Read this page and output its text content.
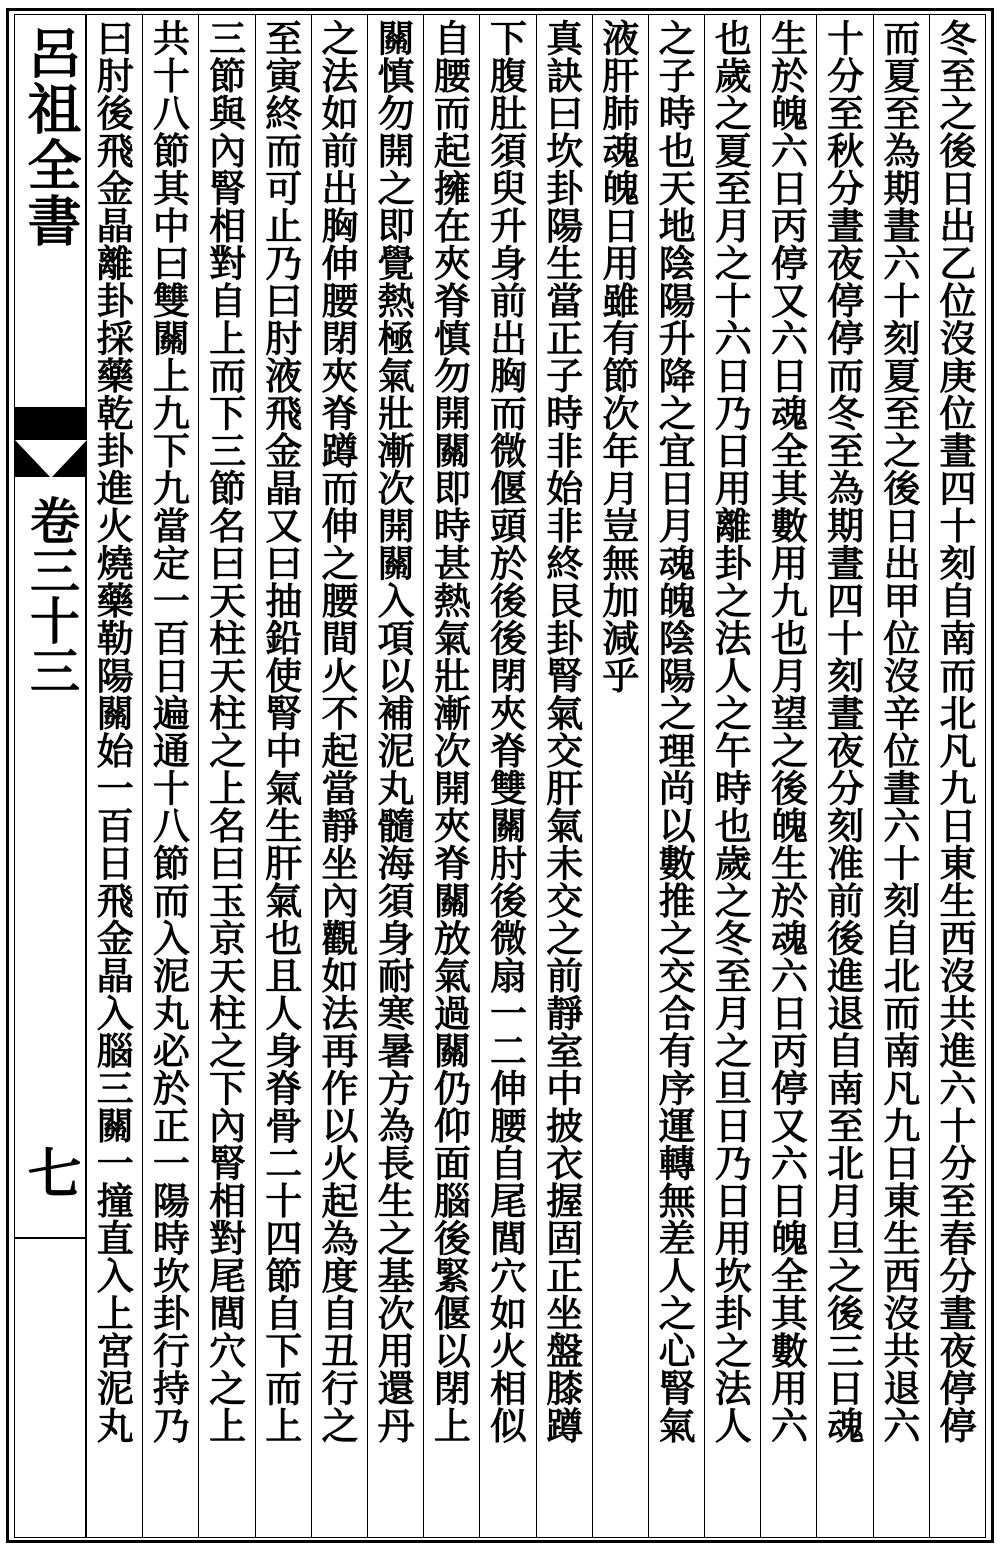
呂祖全書
卷三十三
七	冬至之後日出乙位沒庚位晝四十刻自南而北凡九日東生西沒共進六十分至春分晝夜停停
而夏至為期晝六十刻夏至之後日出甲位沒辛位晝六十刻自北而南凡九日東生西沒共退六
十分至秋分晝夜停停而冬至為期晝四十刻晝夜分刻准前後進退自南至北月旦之後三日魂
生於魄六日丙停又六日魂全其數用九也月望之後魄生於魂六日丙停又六日魄全其數用六
也歲之夏至月之十六日乃日用離卦之法人之午時也歲之冬至月之旦日乃日用坎卦之法人
之子時也天地陰陽升降之宜日月魂魄陰陽之理尚以數推之交合有序運轉無差人之心腎氣
液肝肺魂魄日用雖有節次年月豈無加減乎
真訣曰坎卦陽生當正子時非始非終艮卦腎氣交肝氣未交之前靜室中披衣握固正坐盤膝蹲
下腹肚須臾升身前出胸而微偃頭於後後閉夾脊雙關肘後微扇一二伸腰自尾閭穴如火相似
自腰而起擁在夾脊慎勿開關即時甚熱氣壯漸次開夾脊關放氣過關仍仰面腦後緊偃以閉上
關慎勿開之即覺熱極氣壯漸次開關入項以補泥丸髓海須身耐寒暑方為長生之基次用還丹
之法如前出胸伸腰閉夾脊蹲而伸之腰間火不起當靜坐內觀如法再作以火起為度自丑行之
至寅終而可止乃曰肘液飛金晶又曰抽鉛使腎中氣生肝氣也且人身脊骨二十四節自下而上
三節與內腎相對自上而下三節名曰天柱天柱之上名曰玉京天柱之下內腎相對尾閭穴之上
共十八節其中曰雙關上九下九當定一百日遍通十八節而入泥丸必於正一陽時坎卦行持乃
曰肘後飛金晶離卦採藥乾卦進火燒藥勒陽關始一百日飛金晶入腦三關一撞直入上宮泥丸
